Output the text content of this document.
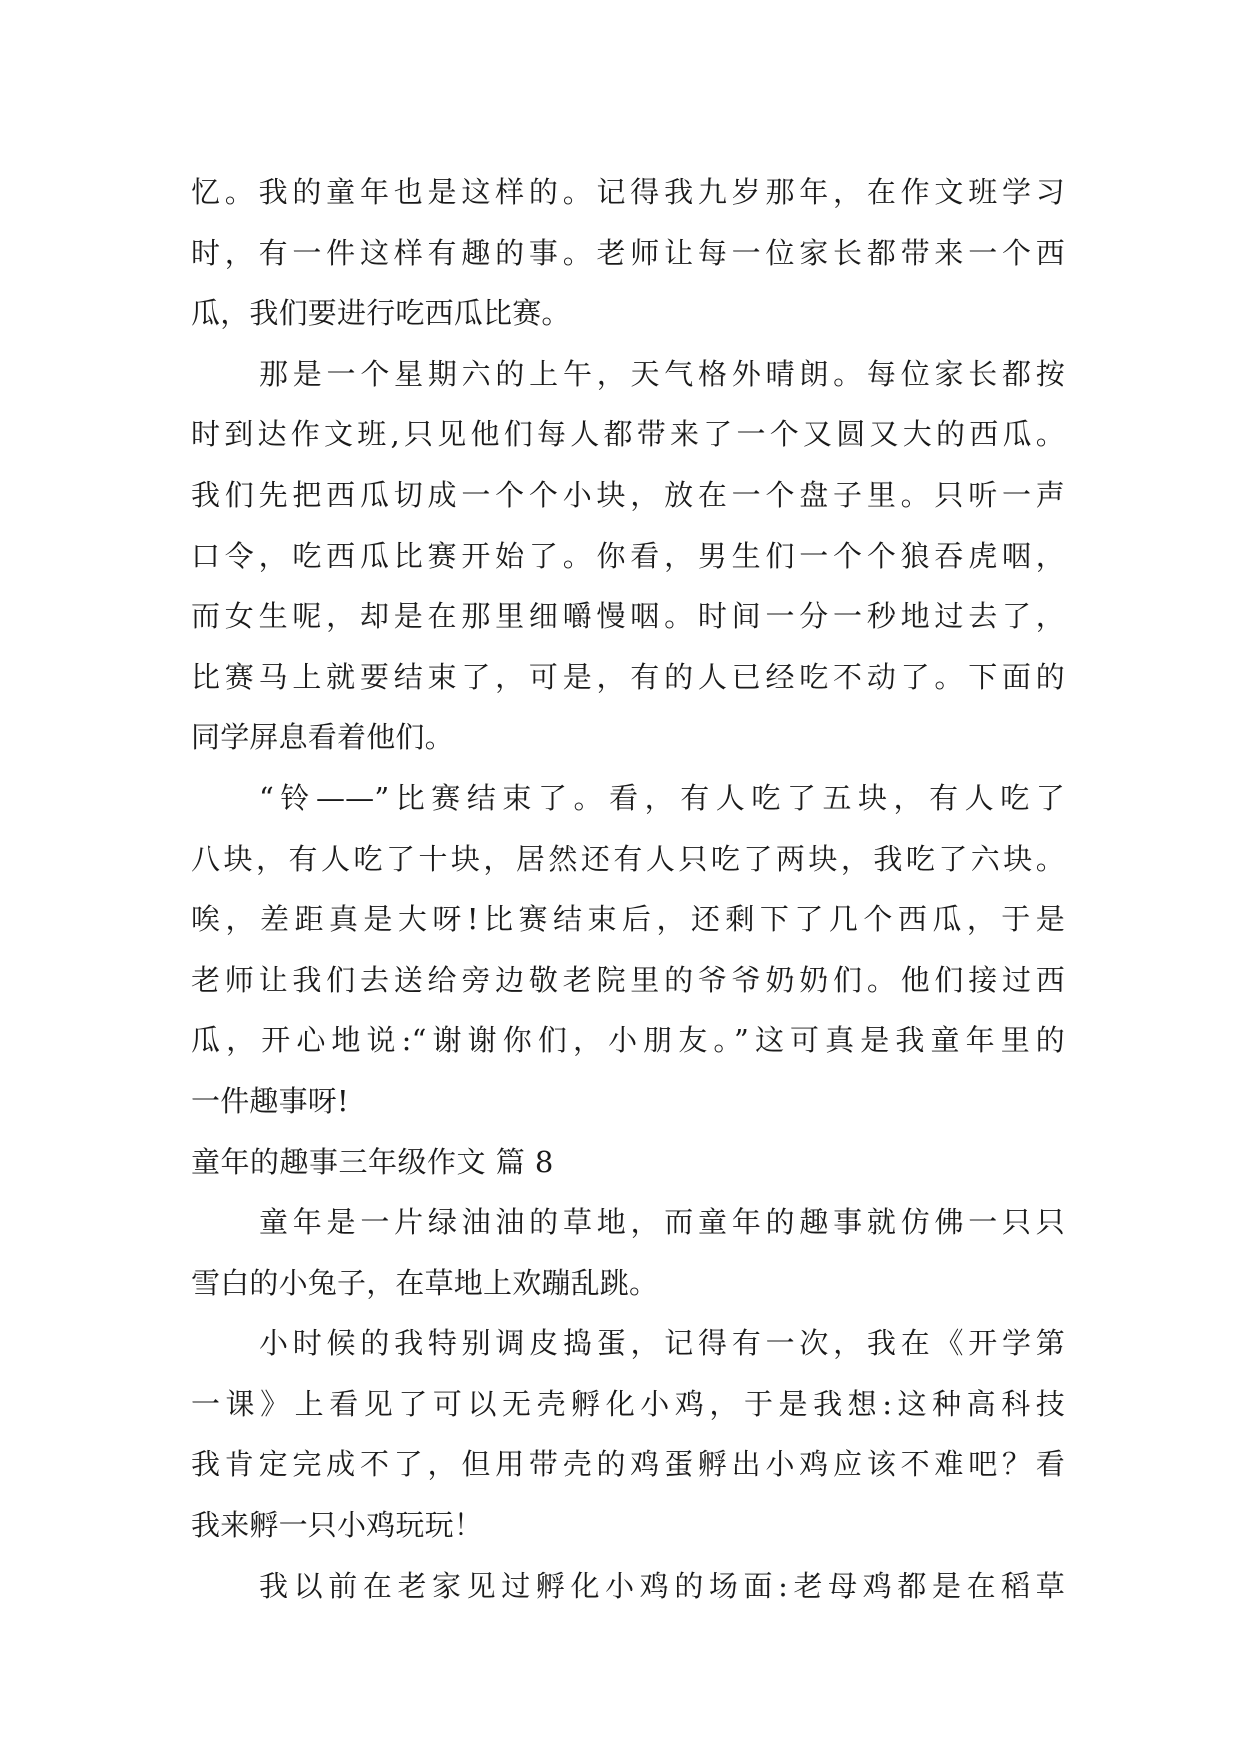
忆。我的童年也是这样的。记得我九岁那年，在作文班学习
时，有一件这样有趣的事。老师让每一位家长都带来一个西
瓜，我们要进行吃西瓜比赛。
那是一个星期六的上午，天气格外晴朗。每位家长都按
时到达作文班,只见他们每人都带来了一个又圆又大的西瓜。
我们先把西瓜切成一个个小块，放在一个盘子里。只听一声
口令，吃西瓜比赛开始了。你看，男生们一个个狼吞虎咽，
而女生呢，却是在那里细嚼慢咽。时间一分一秒地过去了，
比赛马上就要结束了，可是，有的人已经吃不动了。下面的
同学屏息看着他们。
“铃——”比赛结束了。看，有人吃了五块，有人吃了
八块，有人吃了十块，居然还有人只吃了两块，我吃了六块。
唉，差距真是大呀!比赛结束后，还剩下了几个西瓜，于是
老师让我们去送给旁边敬老院里的爷爷奶奶们。他们接过西
瓜，开心地说:“谢谢你们，小朋友。”这可真是我童年里的
一件趣事呀!
童年的趣事三年级作文 篇 8
童年是一片绿油油的草地，而童年的趣事就仿佛一只只
雪白的小兔子，在草地上欢蹦乱跳。
小时候的我特别调皮捣蛋，记得有一次，我在《开学第
一课》上看见了可以无壳孵化小鸡，于是我想:这种高科技
我肯定完成不了，但用带壳的鸡蛋孵出小鸡应该不难吧？看
我来孵一只小鸡玩玩！
我以前在老家见过孵化小鸡的场面:老母鸡都是在稻草
